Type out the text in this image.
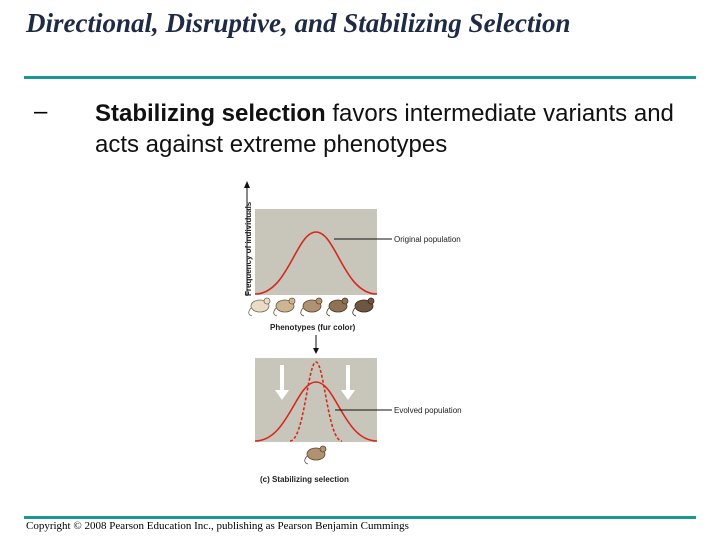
Directional, Disruptive, and Stabilizing Selection
– Stabilizing selection favors intermediate variants and acts against extreme phenotypes
Frequency of individuals	Original population
Phenotypes (fur color)
Evolved population
(c) Stabilizing selection
Copyright © 2008 Pearson Education Inc., publishing as Pearson Benjamin Cummings
